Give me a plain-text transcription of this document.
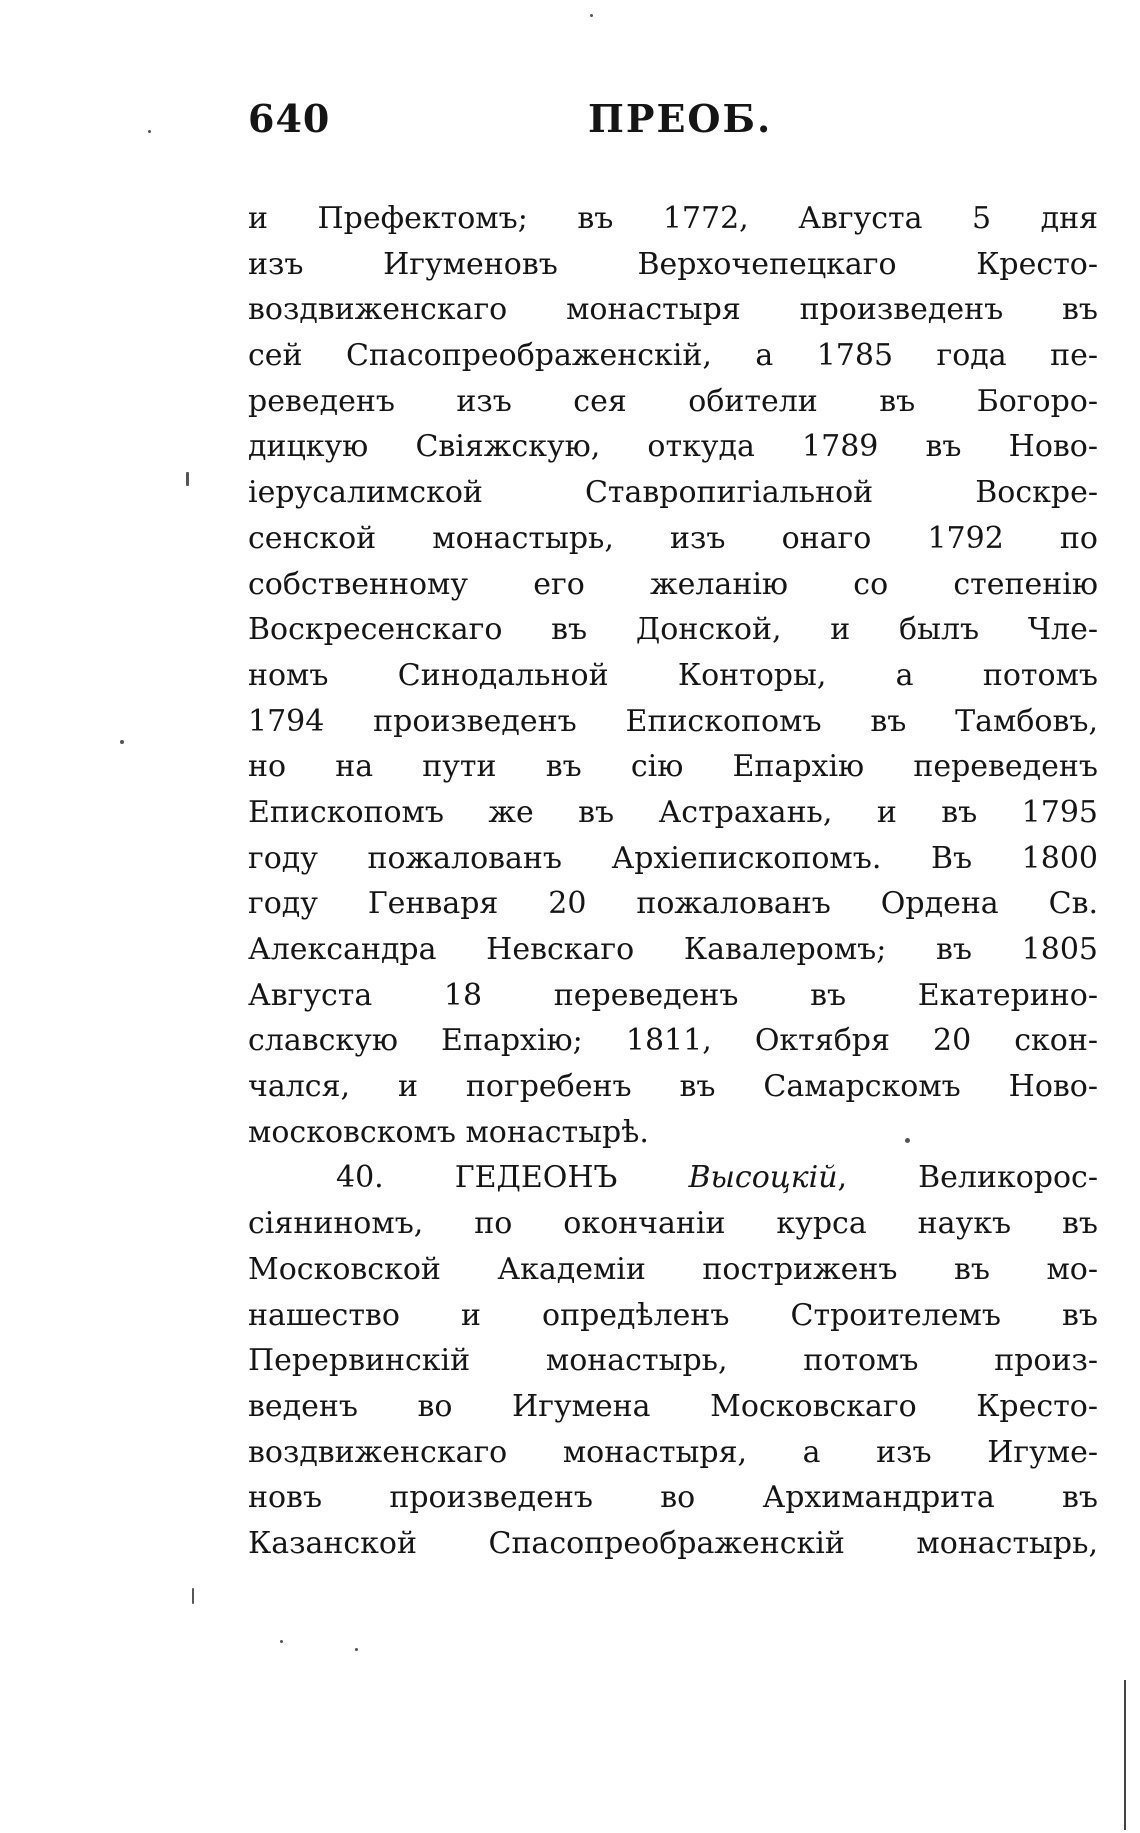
640	ПРЕОБ.
и Префектомъ; въ 1772, Августа 5 дня
изъ Игуменовъ Верхочепецкаго Кресто-
воздвиженскаго монастыря произведенъ въ
сей Спасопреображенскій, а 1785 года пе-
реведенъ изъ сея обители въ Богоро-
дицкую Свіяжскую, откуда 1789 въ Ново-
іерусалимской Ставропигіальной Воскре-
сенской монастырь, изъ онаго 1792 по
собственному его желанію со степенію
Воскресенскаго въ Донской, и былъ Чле-
номъ Синодальной Конторы, а потомъ
1794 произведенъ Епископомъ въ Тамбовъ,
но на пути въ сію Епархію переведенъ
Епископомъ же въ Астрахань, и въ 1795
году пожалованъ Архіепископомъ. Въ 1800
году Генваря 20 пожалованъ Ордена Св.
Александра Невскаго Кавалеромъ; въ 1805
Августа 18 переведенъ въ Екатерино-
славскую Епархію; 1811, Октября 20 скон-
чался, и погребенъ въ Самарскомъ Ново-
московскомъ монастырѣ.
40. ГЕДЕОНЪ Высоцкій, Великорос-
сіяниномъ, по окончаніи курса наукъ въ
Московской Академіи постриженъ въ мо-
нашество и опредѣленъ Строителемъ въ
Перервинскій монастырь, потомъ произ-
веденъ во Игумена Московскаго Кресто-
воздвиженскаго монастыря, а изъ Игуме-
новъ произведенъ во Архимандрита въ
Казанской Спасопреображенскій монастырь,
